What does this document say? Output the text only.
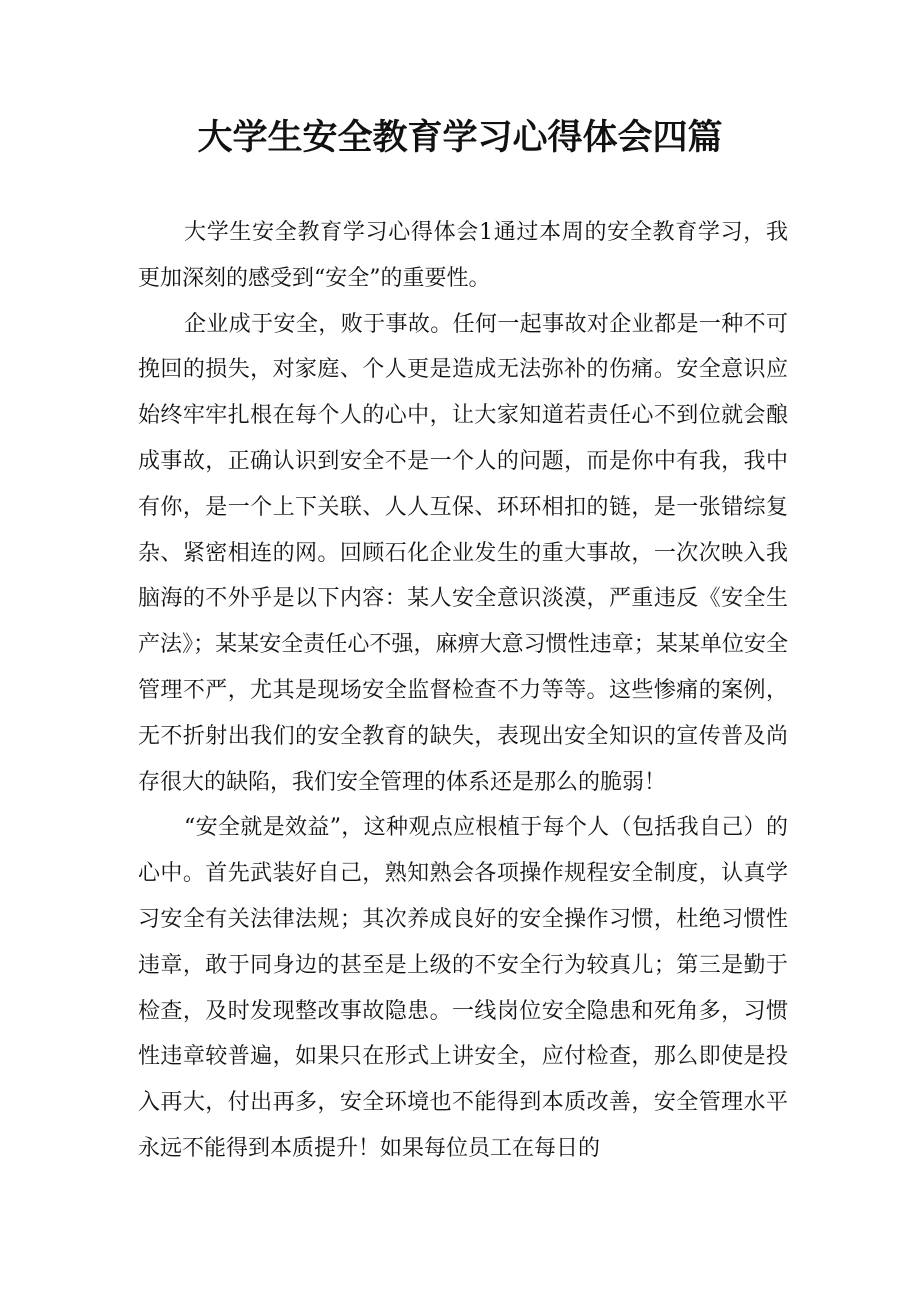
大学生安全教育学习心得体会四篇

大学生安全教育学习心得体会1通过本周的安全教育学习，我更加深刻的感受到“安全”的重要性。

企业成于安全，败于事故。任何一起事故对企业都是一种不可挽回的损失，对家庭、个人更是造成无法弥补的伤痛。安全意识应始终牢牢扎根在每个人的心中，让大家知道若责任心不到位就会酿成事故，正确认识到安全不是一个人的问题，而是你中有我，我中有你，是一个上下关联、人人互保、环环相扣的链，是一张错综复杂、紧密相连的网。回顾石化企业发生的重大事故，一次次映入我脑海的不外乎是以下内容：某人安全意识淡漠，严重违反《安全生产法》；某某安全责任心不强，麻痹大意习惯性违章；某某单位安全管理不严，尤其是现场安全监督检查不力等等。这些惨痛的案例，无不折射出我们的安全教育的缺失，表现出安全知识的宣传普及尚存很大的缺陷，我们安全管理的体系还是那么的脆弱！

“安全就是效益”，这种观点应根植于每个人（包括我自己）的心中。首先武装好自己，熟知熟会各项操作规程安全制度，认真学习安全有关法律法规；其次养成良好的安全操作习惯，杜绝习惯性违章，敢于同身边的甚至是上级的不安全行为较真儿；第三是勤于检查，及时发现整改事故隐患。一线岗位安全隐患和死角多，习惯性违章较普遍，如果只在形式上讲安全，应付检查，那么即使是投入再大，付出再多，安全环境也不能得到本质改善，安全管理水平永远不能得到本质提升！如果每位员工在每日的
